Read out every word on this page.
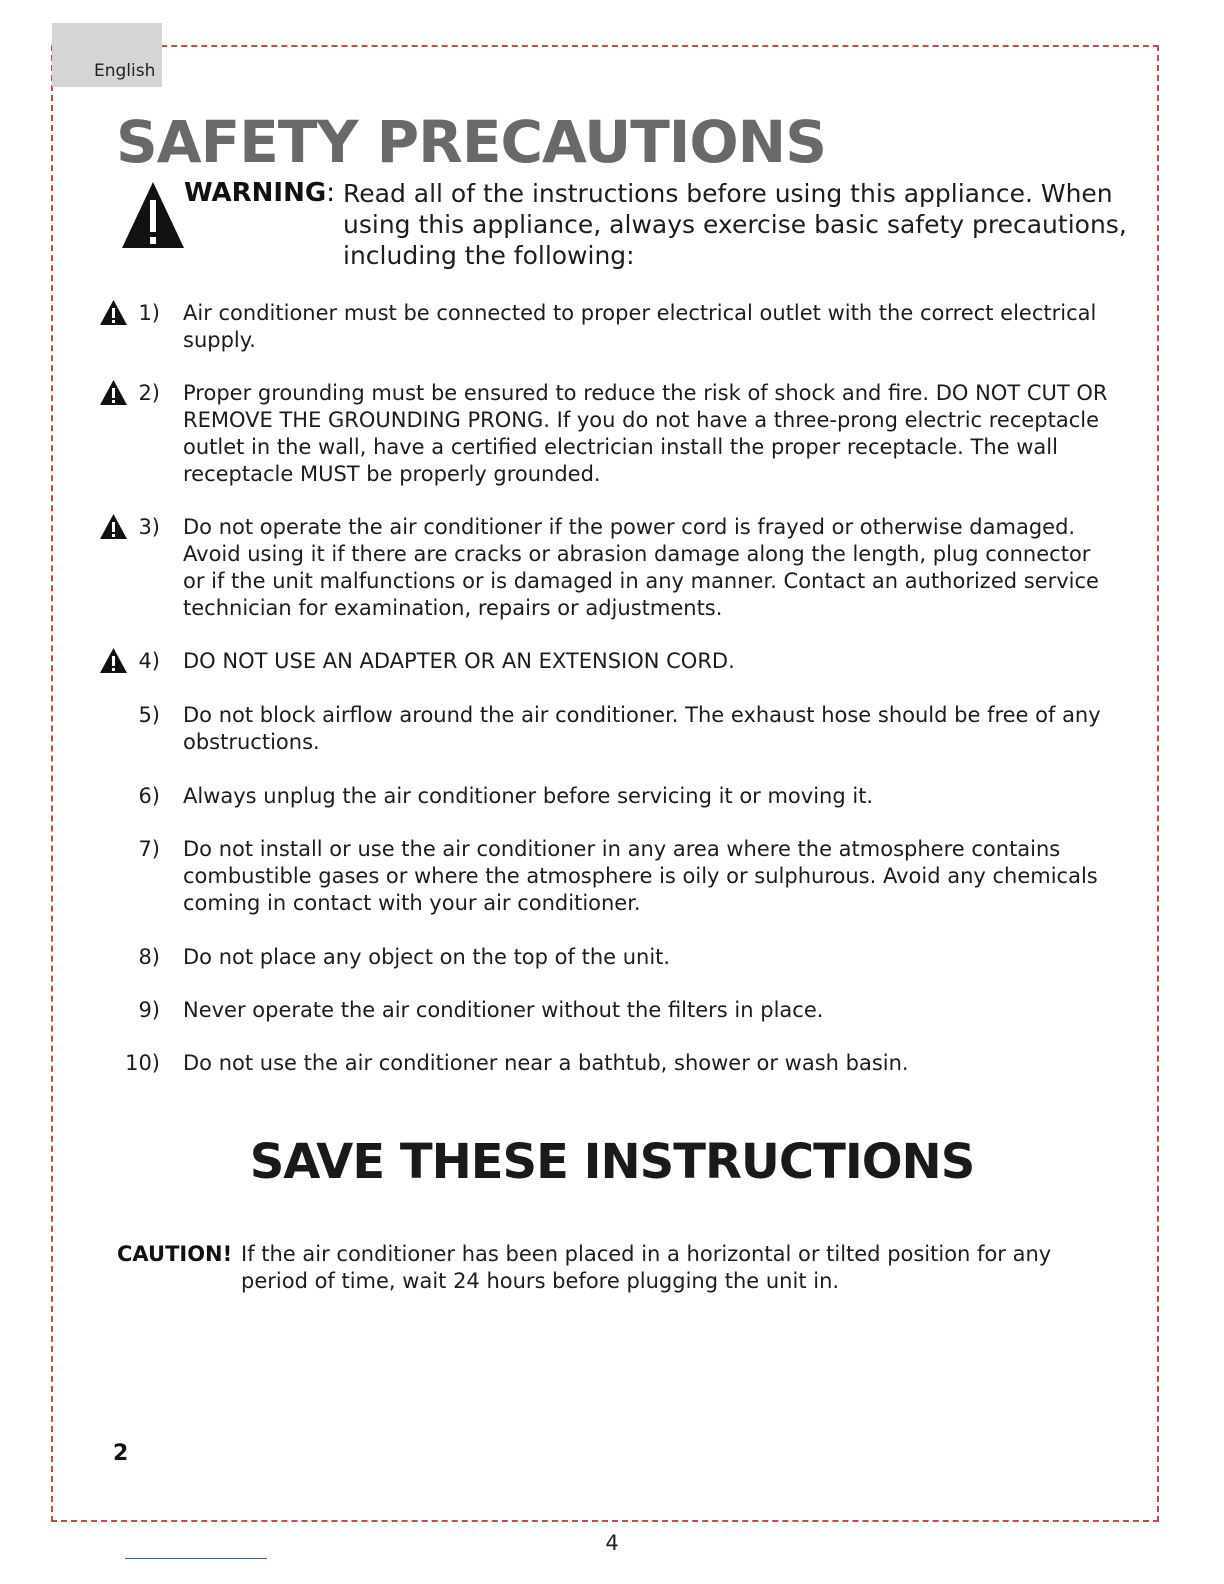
English
SAFETY PRECAUTIONS
WARNING: Read all of the instructions before using this appliance. When using this appliance, always exercise basic safety precautions, including the following:
1) Air conditioner must be connected to proper electrical outlet with the correct electrical supply.
2) Proper grounding must be ensured to reduce the risk of shock and fire. DO NOT CUT OR REMOVE THE GROUNDING PRONG. If you do not have a three-prong electric receptacle outlet in the wall, have a certified electrician install the proper receptacle. The wall receptacle MUST be properly grounded.
3) Do not operate the air conditioner if the power cord is frayed or otherwise damaged. Avoid using it if there are cracks or abrasion damage along the length, plug connector or if the unit malfunctions or is damaged in any manner. Contact an authorized service technician for examination, repairs or adjustments.
4) DO NOT USE AN ADAPTER OR AN EXTENSION CORD.
5) Do not block airflow around the air conditioner. The exhaust hose should be free of any obstructions.
6) Always unplug the air conditioner before servicing it or moving it.
7) Do not install or use the air conditioner in any area where the atmosphere contains combustible gases or where the atmosphere is oily or sulphurous. Avoid any chemicals coming in contact with your air conditioner.
8) Do not place any object on the top of the unit.
9) Never operate the air conditioner without the filters in place.
10) Do not use the air conditioner near a bathtub, shower or wash basin.
SAVE THESE INSTRUCTIONS
CAUTION! If the air conditioner has been placed in a horizontal or tilted position for any period of time, wait 24 hours before plugging the unit in.
2
4
